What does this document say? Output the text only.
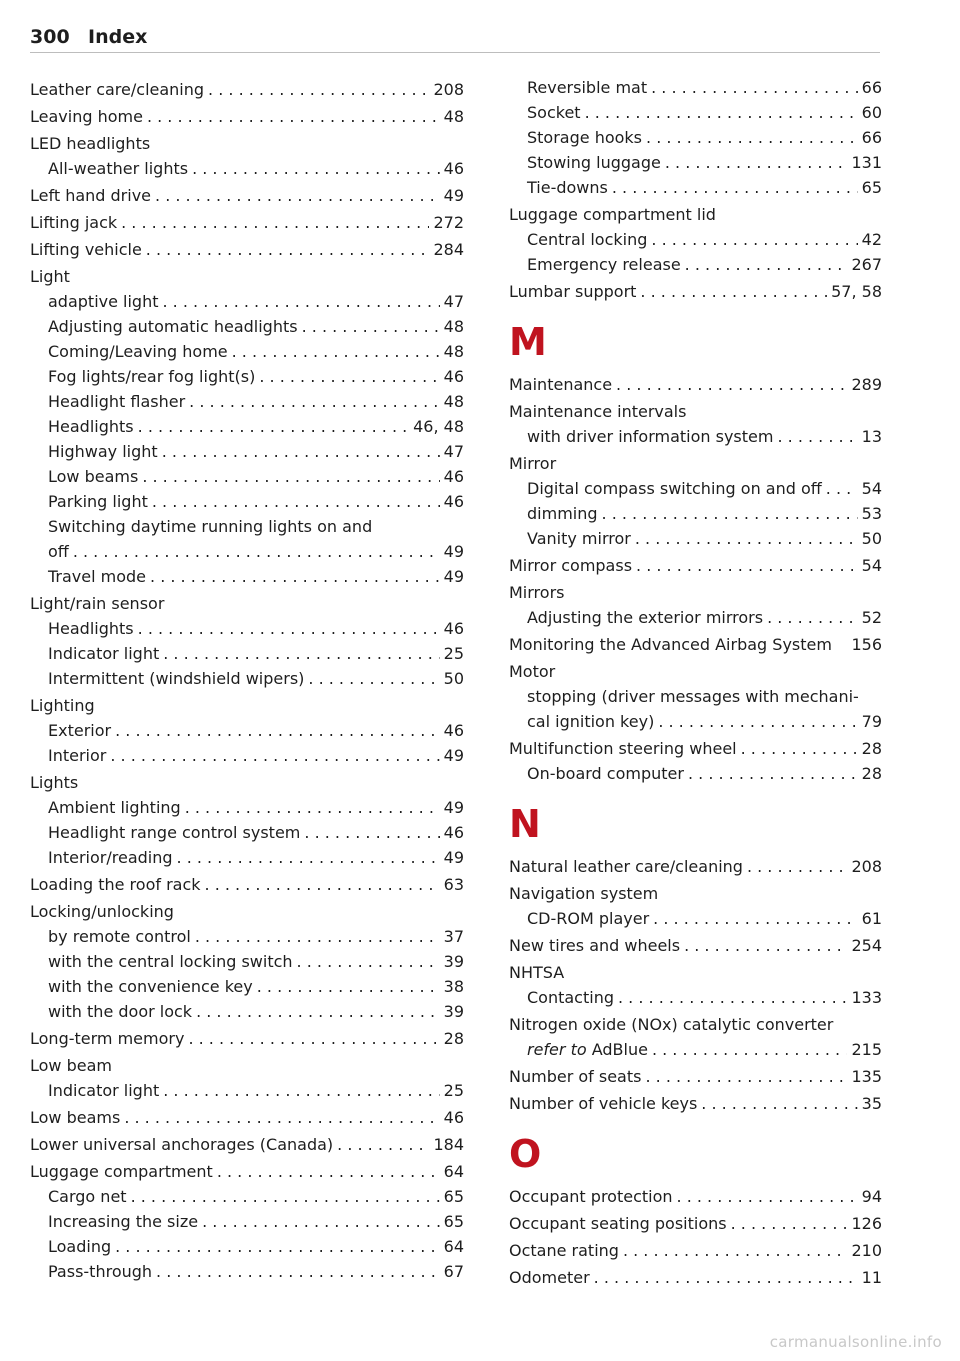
300 Index
Leather care/cleaning . . .	208
Leaving home . . .	48
LED headlights
All-weather lights . . .	46
Left hand drive . . .	49
Lifting jack . . .	272
Lifting vehicle . . .	284
Light
adaptive light . . .	47
Adjusting automatic headlights . . .	48
Coming/Leaving home . . .	48
Fog lights/rear fog light(s) . . .	46
Headlight flasher . . .	48
Headlights . . .	46, 48
Highway light . . .	47
Low beams . . .	46
Parking light . . .	46
Switching daytime running lights on and
off . . .	49
Travel mode . . .	49
Light/rain sensor
Headlights . . .	46
Indicator light . . .	25
Intermittent (windshield wipers) . . .	50
Lighting
Exterior . . .	46
Interior . . .	49
Lights
Ambient lighting . . .	49
Headlight range control system . . .	46
Interior/reading . . .	49
Loading the roof rack . . .	63
Locking/unlocking
by remote control . . .	37
with the central locking switch . . .	39
with the convenience key . . .	38
with the door lock . . .	39
Long-term memory . . .	28
Low beam
Indicator light . . .	25
Low beams . . .	46
Lower universal anchorages (Canada) . . .	184
Luggage compartment . . .	64
Cargo net . . .	65
Increasing the size . . .	65
Loading . . .	64
Pass-through . . .	67
Reversible mat . . .	66
Socket . . .	60
Storage hooks . . .	66
Stowing luggage . . .	131
Tie-downs . . .	65
Luggage compartment lid
Central locking . . .	42
Emergency release . . .	267
Lumbar support . . .	57, 58
M
Maintenance . . .	289
Maintenance intervals
with driver information system . . .	13
Mirror
Digital compass switching on and off . . . 54
dimming . . .	53
Vanity mirror . . .	50
Mirror compass . . .	54
Mirrors
Adjusting the exterior mirrors . . .	52
Monitoring the Advanced Airbag System 156
Motor
stopping (driver messages with mechani-
cal ignition key) . . .	79
Multifunction steering wheel . . .	28
On-board computer . . .	28
N
Natural leather care/cleaning . . .	208
Navigation system
CD-ROM player . . .	61
New tires and wheels . . .	254
NHTSA
Contacting . . .	133
Nitrogen oxide (NOx) catalytic converter
refer to AdBlue . . .	215
Number of seats . . .	135
Number of vehicle keys . . .	35
O
Occupant protection . . .	94
Occupant seating positions . . .	126
Octane rating . . .	210
Odometer . . .	11
carmanualsonline.info
